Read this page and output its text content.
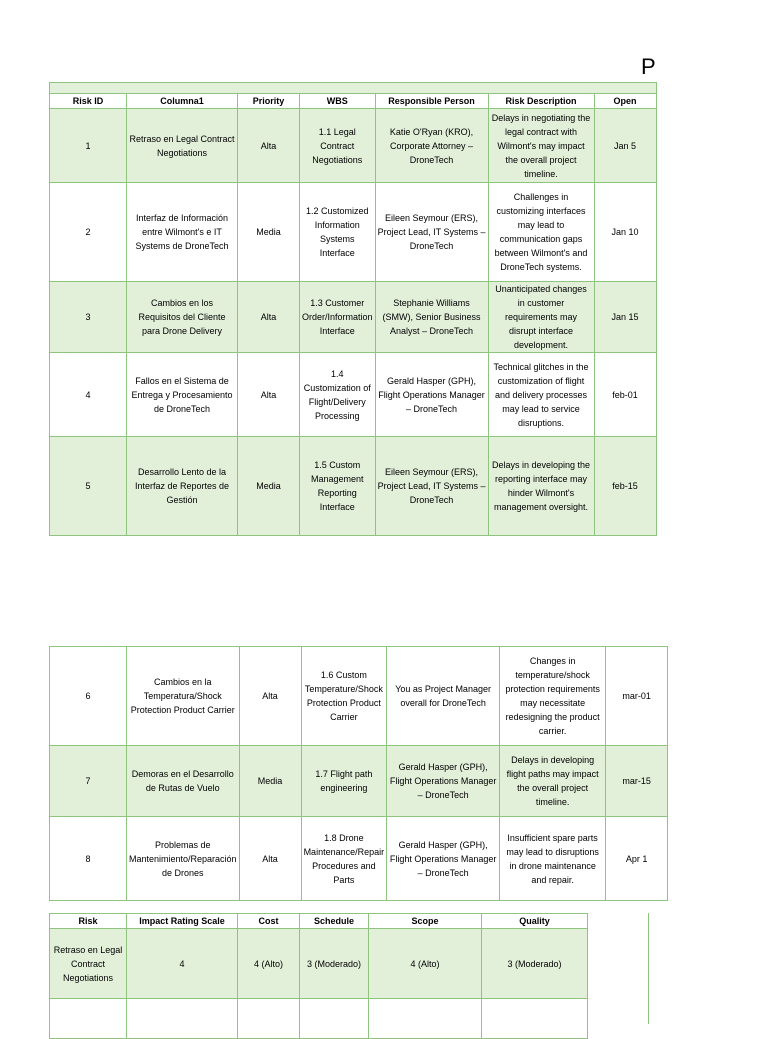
P

Risk ID	Columna1	Priority	WBS	Responsible Person	Risk Description	Open
1	Retraso en Legal Contract Negotiations	Alta	1.1 Legal Contract Negotiations	Katie O'Ryan (KRO), Corporate Attorney – DroneTech	Delays in negotiating the legal contract with Wilmont's may impact the overall project timeline.	Jan 5
2	Interfaz de Información entre Wilmont's e IT Systems de DroneTech	Media	1.2 Customized Information Systems Interface	Eileen Seymour (ERS), Project Lead, IT Systems – DroneTech	Challenges in customizing interfaces may lead to communication gaps between Wilmont's and DroneTech systems.	Jan 10
3	Cambios en los Requisitos del Cliente para Drone Delivery	Alta	1.3 Customer Order/Information Interface	Stephanie Williams (SMW), Senior Business Analyst – DroneTech	Unanticipated changes in customer requirements may disrupt interface development.	Jan 15
4	Fallos en el Sistema de Entrega y Procesamiento de DroneTech	Alta	1.4 Customization of Flight/Delivery Processing	Gerald Hasper (GPH), Flight Operations Manager – DroneTech	Technical glitches in the customization of flight and delivery processes may lead to service disruptions.	feb-01
5	Desarrollo Lento de la Interfaz de Reportes de Gestión	Media	1.5 Custom Management Reporting Interface	Eileen Seymour (ERS), Project Lead, IT Systems – DroneTech	Delays in developing the reporting interface may hinder Wilmont's management oversight.	feb-15
6	Cambios en la Temperatura/Shock Protection Product Carrier	Alta	1.6 Custom Temperature/Shock Protection Product Carrier	You as Project Manager overall for DroneTech	Changes in temperature/shock protection requirements may necessitate redesigning the product carrier.	mar-01
7	Demoras en el Desarrollo de Rutas de Vuelo	Media	1.7 Flight path engineering	Gerald Hasper (GPH), Flight Operations Manager – DroneTech	Delays in developing flight paths may impact the overall project timeline.	mar-15
8	Problemas de Mantenimiento/Reparación de Drones	Alta	1.8 Drone Maintenance/Repair Procedures and Parts	Gerald Hasper (GPH), Flight Operations Manager – DroneTech	Insufficient spare parts may lead to disruptions in drone maintenance and repair.	Apr 1
Risk	Impact Rating Scale	Cost	Schedule	Scope	Quality
Retraso en Legal Contract Negotiations	4	4 (Alto)	3 (Moderado)	4 (Alto)	3 (Moderado)
